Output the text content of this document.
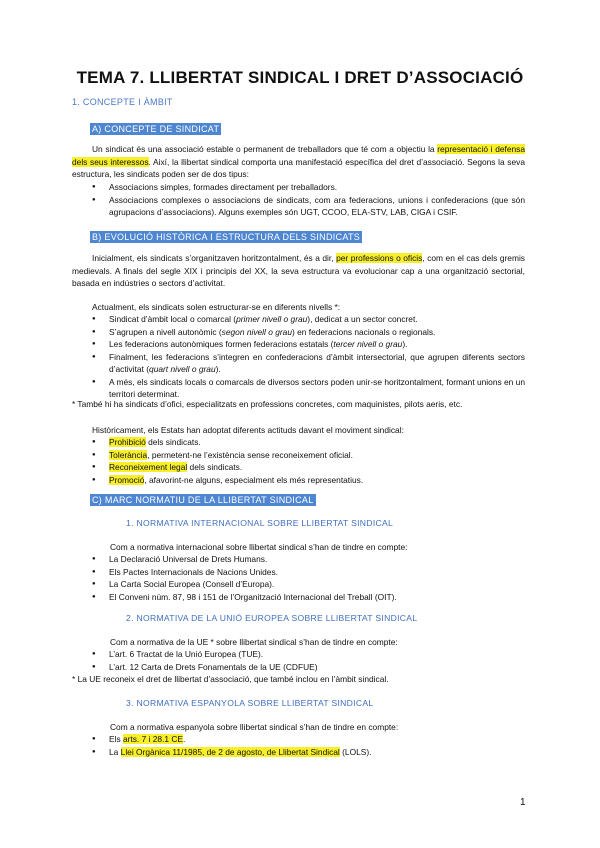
TEMA 7. LLIBERTAT SINDICAL I DRET D’ASSOCIACIÓ
1. CONCEPTE I ÀMBIT
A) CONCEPTE DE SINDICAT
Un sindicat és una associació estable o permanent de treballadors que té com a objectiu la representació i defensa dels seus interessos. Així, la llibertat sindical comporta una manifestació específica del dret d’associació. Segons la seva estructura, les sindicats poden ser de dos tipus:
● Associacions simples, formades directament per treballadors.
● Associacions complexes o associacions de sindicats, com ara federacions, unions i confederacions (que són agrupacions d’associacions). Alguns exemples són UGT, CCOO, ELA-STV, LAB, CIGA i CSIF.
B) EVOLUCIÓ HISTÒRICA I ESTRUCTURA DELS SINDICATS
Inicialment, els sindicats s’organitzaven horitzontalment, és a dir, per professions o oficis, com en el cas dels gremis medievals. A finals del segle XIX i principis del XX, la seva estructura va evolucionar cap a una organització sectorial, basada en indústries o sectors d’activitat.
Actualment, els sindicats solen estructurar-se en diferents nivells *:
● Sindicat d’àmbit local o comarcal (primer nivell o grau), dedicat a un sector concret.
● S’agrupen a nivell autonòmic (segon nivell o grau) en federacions nacionals o regionals.
● Les federacions autonòmiques formen federacions estatals (tercer nivell o grau).
● Finalment, les federacions s’integren en confederacions d’àmbit intersectorial, que agrupen diferents sectors d’activitat (quart nivell o grau).
● A més, els sindicats locals o comarcals de diversos sectors poden unir-se horitzontalment, formant unions en un territori determinat.
* També hi ha sindicats d’ofici, especialitzats en professions concretes, com maquinistes, pilots aeris, etc.
Històricament, els Estats han adoptat diferents actituds davant el moviment sindical:
● Prohibició dels sindicats.
● Tolerància, permetent-ne l’existència sense reconeixement oficial.
● Reconeixement legal dels sindicats.
● Promoció, afavorint-ne alguns, especialment els més representatius.
C) MARC NORMATIU DE LA LLIBERTAT SINDICAL
1. NORMATIVA INTERNACIONAL SOBRE LLIBERTAT SINDICAL
Com a normativa internacional sobre llibertat sindical s’han de tindre en compte:
● La Declaració Universal de Drets Humans.
● Els Pactes Internacionals de Nacions Unides.
● La Carta Social Europea (Consell d’Europa).
● El Conveni núm. 87, 98 i 151 de l’Organització Internacional del Treball (OIT).
2. NORMATIVA DE LA UNIÓ EUROPEA SOBRE LLIBERTAT SINDICAL
Com a normativa de la UE * sobre llibertat sindical s’han de tindre en compte:
● L’art. 6 Tractat de la Unió Europea (TUE).
● L’art. 12 Carta de Drets Fonamentals de la UE (CDFUE)
* La UE reconeix el dret de llibertat d’associació, que també inclou en l’àmbit sindical.
3. NORMATIVA ESPANYOLA SOBRE LLIBERTAT SINDICAL
Com a normativa espanyola sobre llibertat sindical s’han de tindre en compte:
● Els arts. 7 i 28.1 CE.
● La Llei Orgànica 11/1985, de 2 de agosto, de Llibertat Sindical (LOLS).
1
